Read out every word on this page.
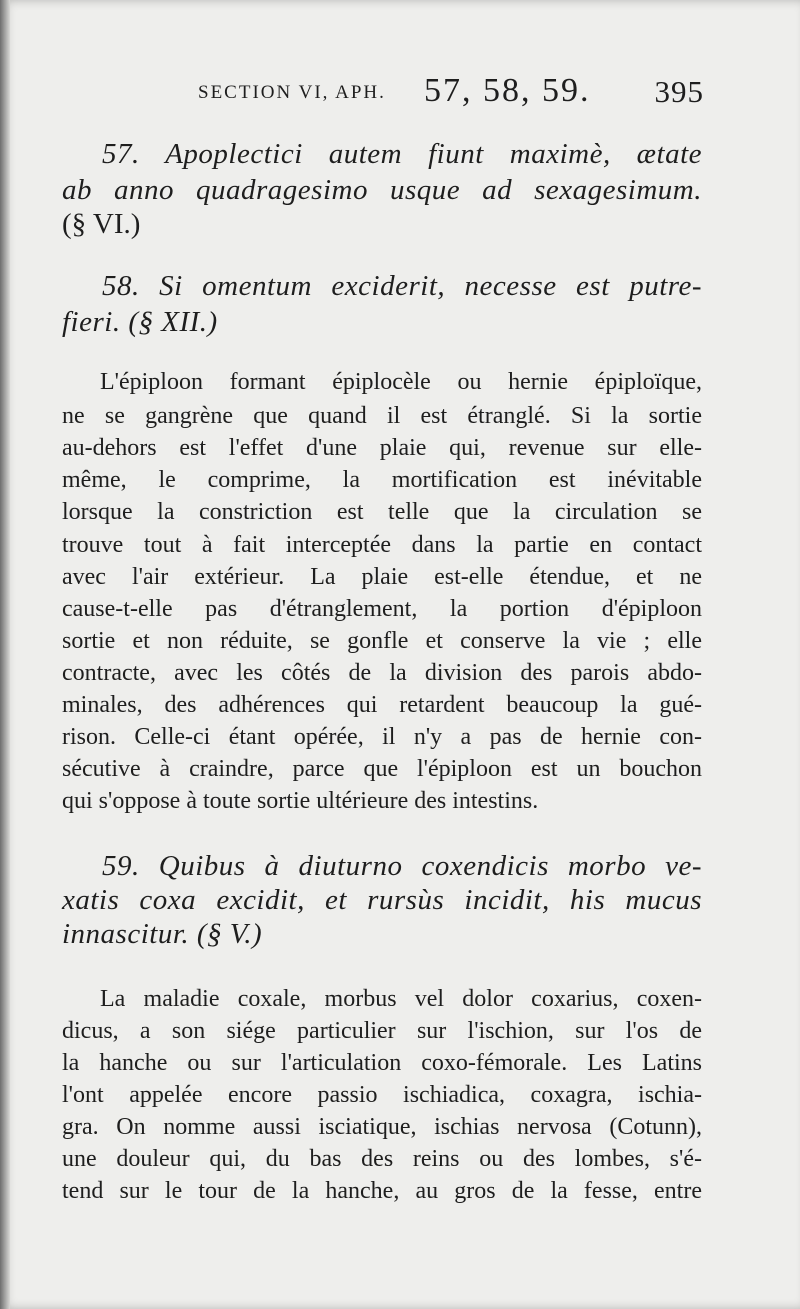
SECTION VI, APH. 57, 58, 59. 395
57. Apoplectici autem fiunt maximè, ætate
ab anno quadragesimo usque ad sexagesimum.
(§ VI.)
58. Si omentum exciderit, necesse est putre-
fieri. (§ XII.)
L'épiploon formant épiplocèle ou hernie épiploïque,
ne se gangrène que quand il est étranglé. Si la sortie
au-dehors est l'effet d'une plaie qui, revenue sur elle-
même, le comprime, la mortification est inévitable
lorsque la constriction est telle que la circulation se
trouve tout à fait interceptée dans la partie en contact
avec l'air extérieur. La plaie est-elle étendue, et ne
cause-t-elle pas d'étranglement, la portion d'épiploon
sortie et non réduite, se gonfle et conserve la vie ; elle
contracte, avec les côtés de la division des parois abdo-
minales, des adhérences qui retardent beaucoup la gué-
rison. Celle-ci étant opérée, il n'y a pas de hernie con-
sécutive à craindre, parce que l'épiploon est un bouchon
qui s'oppose à toute sortie ultérieure des intestins.
59. Quibus à diuturno coxendicis morbo ve-
xatis coxa excidit, et rursùs incidit, his mucus
innascitur. (§ V.)
La maladie coxale, morbus vel dolor coxarius, coxen-
dicus, a son siége particulier sur l'ischion, sur l'os de
la hanche ou sur l'articulation coxo-fémorale. Les Latins
l'ont appelée encore passio ischiadica, coxagra, ischia-
gra. On nomme aussi isciatique, ischias nervosa (Cotunn),
une douleur qui, du bas des reins ou des lombes, s'é-
tend sur le tour de la hanche, au gros de la fesse, entre
